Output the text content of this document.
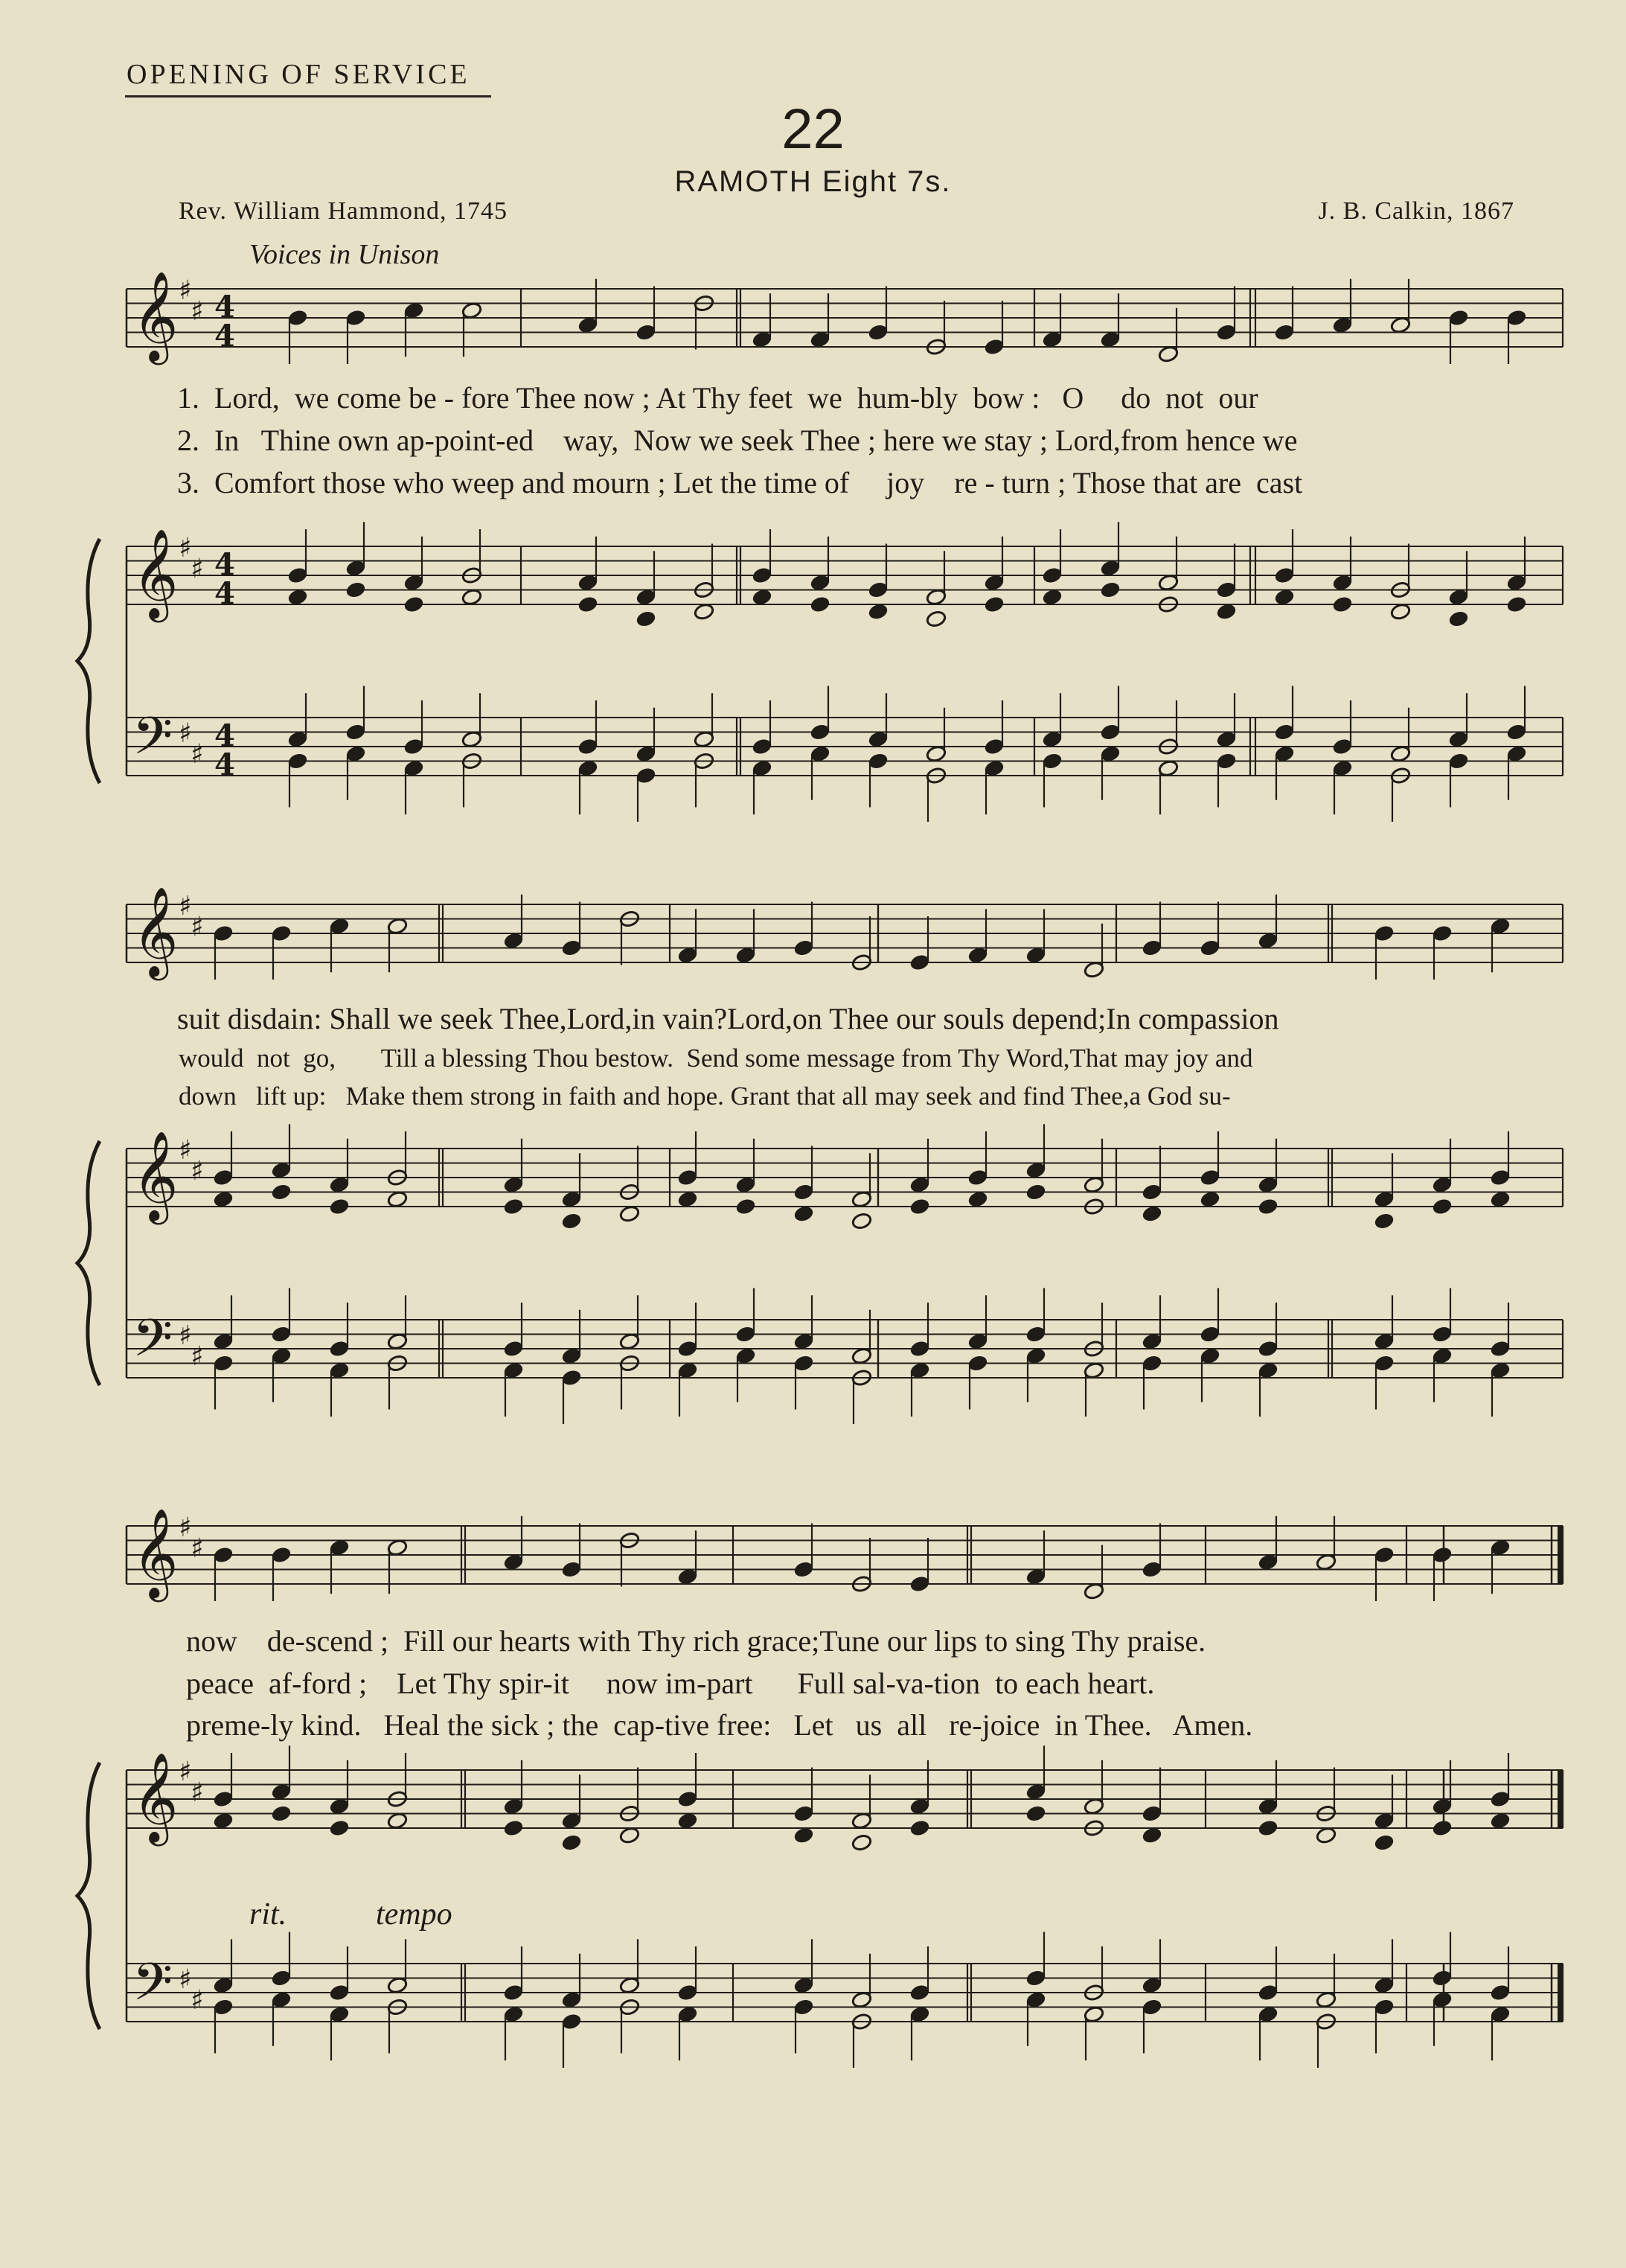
OPENING OF SERVICE
22
RAMOTH Eight 7s.
Rev. William Hammond, 1745	J. B. Calkin, 1867
Voices in Unison
rit.	tempo
1.  Lord,  we come be - fore Thee now ; At Thy feet  we  hum-bly  bow :   O     do  not  our
2.  In   Thine own ap-point-ed    way,  Now we seek Thee ; here we stay ; Lord,from hence we
3.  Comfort those who weep and mourn ; Let the time of     joy    re - turn ; Those that are  cast
suit disdain: Shall we seek Thee,Lord,in vain?Lord,on Thee our souls depend;In compassion
would  not  go,       Till a blessing Thou bestow.  Send some message from Thy Word,That may joy and
down   lift up:   Make them strong in faith and hope. Grant that all may seek and find Thee,a God su-
now    de-scend ;  Fill our hearts with Thy rich grace;Tune our lips to sing Thy praise.
peace  af-ford ;    Let Thy spir-it     now im-part      Full sal-va-tion  to each heart.
preme-ly kind.   Heal the sick ; the  cap-tive free:   Let   us  all   re-joice  in Thee.   Amen.
𝄞
𝄞
𝄢
♯
♯
♯
♯
♯
♯
4
4
4
4
4
4
𝄞
𝄞
𝄢
♯
♯
♯
♯
♯
♯
𝄞
𝄞
𝄢
♯
♯
♯
♯
♯
♯
